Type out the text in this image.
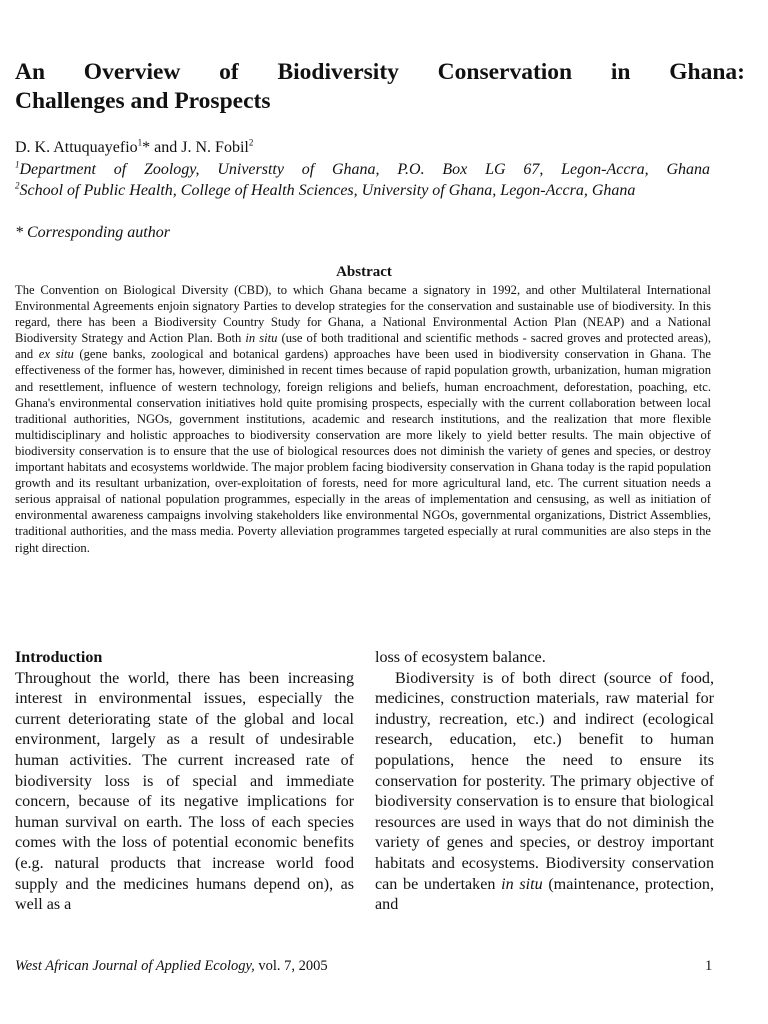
An Overview of Biodiversity Conservation in Ghana:
Challenges and Prospects
D. K. Attuquayefio$^1$* and J. N. Fobil$^2$
$^1$Department of Zoology, Universtty of Ghana, P.O. Box LG 67, Legon-Accra, Ghana
$^2$School of Public Health, College of Health Sciences, University of Ghana, Legon-Accra, Ghana
* Corresponding author
Abstract

The Convention on Biological Diversity (CBD), to which Ghana became a signatory in 1992, and other Multilateral International Environmental Agreements enjoin signatory Parties to develop strategies for the conservation and sustainable use of biodiversity. In this regard, there has been a Biodiversity Country Study for Ghana, a National Environmental Action Plan (NEAP) and a National Biodiversity Strategy and Action Plan. Both in situ (use of both traditional and scientific methods - sacred groves and protected areas), and ex situ (gene banks, zoological and botanical gardens) approaches have been used in biodiversity conservation in Ghana. The effectiveness of the former has, however, diminished in recent times because of rapid population growth, urbanization, human migration and resettlement, influence of western technology, foreign religions and beliefs, human encroachment, deforestation, poaching, etc. Ghana's environmental conservation initiatives hold quite promising prospects, especially with the current collaboration between local traditional authorities, NGOs, government institutions, academic and research institutions, and the realization that more flexible multidisciplinary and holistic approaches to biodiversity conservation are more likely to yield better results. The main objective of biodiversity conservation is to ensure that the use of biological resources does not diminish the variety of genes and species, or destroy important habitats and ecosystems worldwide. The major problem facing biodiversity conservation in Ghana today is the rapid population growth and its resultant urbanization, over-exploitation of forests, need for more agricultural land, etc. The current situation needs a serious appraisal of national population programmes, especially in the areas of implementation and censusing, as well as initiation of environmental awareness campaigns involving stakeholders like environmental NGOs, governmental organizations, District Assemblies, traditional authorities, and the mass media. Poverty alleviation programmes targeted especially at rural communities are also steps in the right direction.

Introduction

Throughout the world, there has been increasing interest in environmental issues, especially the current deteriorating state of the global and local environment, largely as a result of undesirable human activities. The current increased rate of biodiversity loss is of special and immediate concern, because of its negative implications for human survival on earth. The loss of each species comes with the loss of potential economic benefits (e.g. natural products that increase world food supply and the medicines humans depend on), as well as a

loss of ecosystem balance.

Biodiversity is of both direct (source of food, medicines, construction materials, raw material for industry, recreation, etc.) and indirect (ecological research, education, etc.) benefit to human populations, hence the need to ensure its conservation for posterity. The primary objective of biodiversity conservation is to ensure that biological resources are used in ways that do not diminish the variety of genes and species, or destroy important habitats and ecosystems. Biodiversity conservation can be undertaken in situ (maintenance, protection, and

West African Journal of Applied Ecology, vol. 7, 2005	1
